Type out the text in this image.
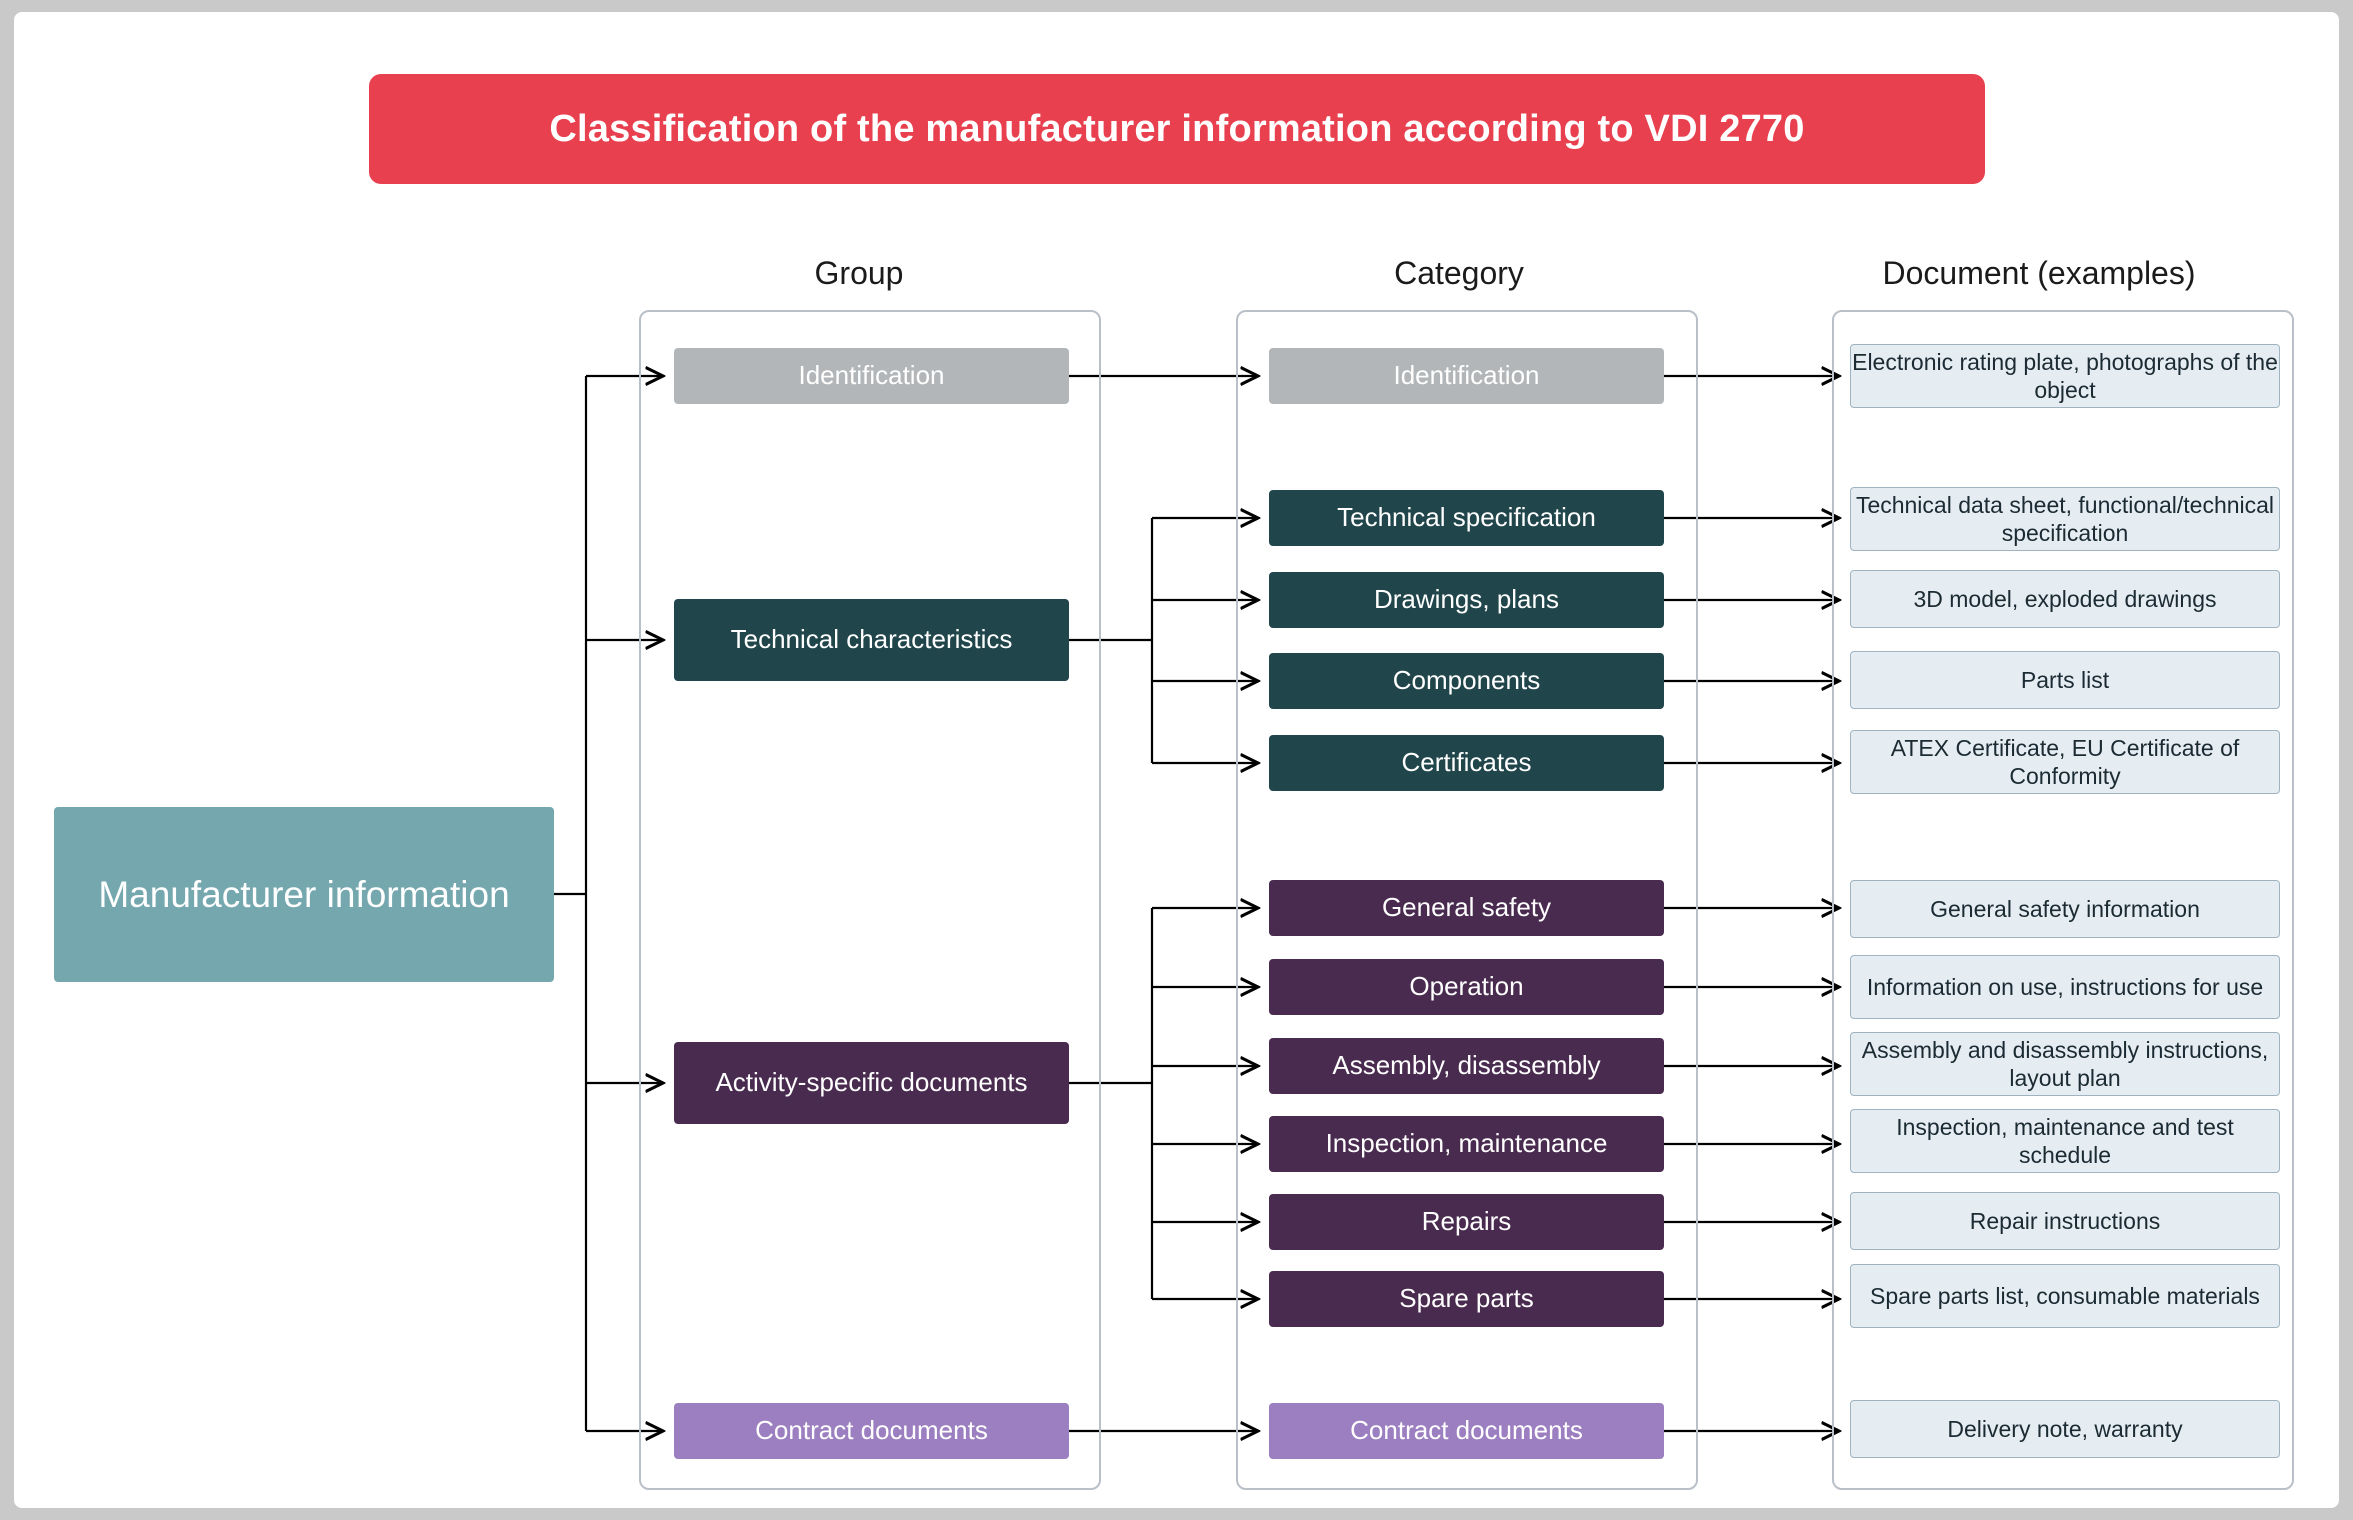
Classification of the manufacturer information according to VDI 2770
Group	Category	Document (examples)
Manufacturer information
Identification
Technical characteristics
Activity-specific documents
Contract documents
Identification
Technical specification
Drawings, plans
Components
Certificates
General safety
Operation
Assembly, disassembly
Inspection, maintenance
Repairs
Spare parts
Contract documents
Electronic rating plate, photographs of the object
Technical data sheet, functional/technical specification
3D model, exploded drawings
Parts list
ATEX Certificate, EU Certificate of Conformity
General safety information
Information on use, instructions for use
Assembly and disassembly instructions, layout plan
Inspection, maintenance and test schedule
Repair instructions
Spare parts list, consumable materials
Delivery note, warranty
